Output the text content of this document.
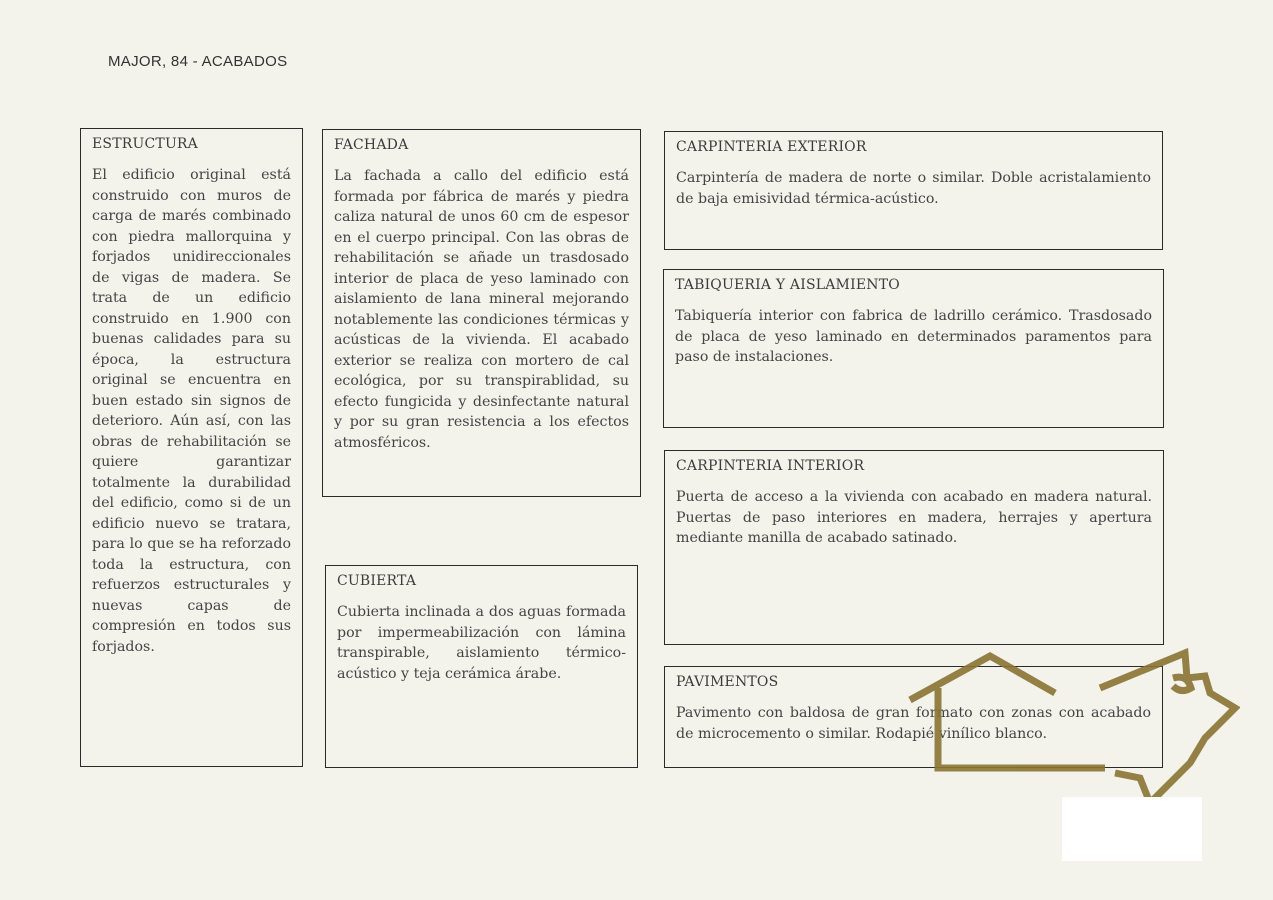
MAJOR, 84 - ACABADOS
ESTRUCTURA

El edificio original está construido con muros de carga de marés combinado con piedra mallorquina y forjados unidireccionales de vigas de madera. Se trata de un edificio construido en 1.900 con buenas calidades para su época, la estructura original se encuentra en buen estado sin signos de deterioro. Aún así, con las obras de rehabilitación se quiere garantizar totalmente la durabilidad del edificio, como si de un edificio nuevo se tratara, para lo que se ha reforzado toda la estructura, con refuerzos estructurales y nuevas capas de compresión en todos sus forjados.

FACHADA

La fachada a callo del edificio está formada por fábrica de marés y piedra caliza natural de unos 60 cm de espesor en el cuerpo principal. Con las obras de rehabilitación se añade un trasdosado interior de placa de yeso laminado con aislamiento de lana mineral mejorando notablemente las condiciones térmicas y acústicas de la vivienda. El acabado exterior se realiza con mortero de cal ecológica, por su transpirablidad, su efecto fungicida y desinfectante natural y por su gran resistencia a los efectos atmosféricos.

CUBIERTA

Cubierta inclinada a dos aguas formada por impermeabilización con lámina transpirable, aislamiento térmico-acústico y teja cerámica árabe.

CARPINTERIA EXTERIOR

Carpintería de madera de norte o similar. Doble acristalamiento de baja emisividad térmica-acústico.

TABIQUERIA Y AISLAMIENTO

Tabiquería interior con fabrica de ladrillo cerámico. Trasdosado de placa de yeso laminado en determinados paramentos para paso de instalaciones.

CARPINTERIA INTERIOR

Puerta de acceso a la vivienda con acabado en madera natural. Puertas de paso interiores en madera, herrajes y apertura mediante manilla de acabado satinado.

PAVIMENTOS

Pavimento con baldosa de gran formato con zonas con acabado de microcemento o similar. Rodapié vinílico blanco.
